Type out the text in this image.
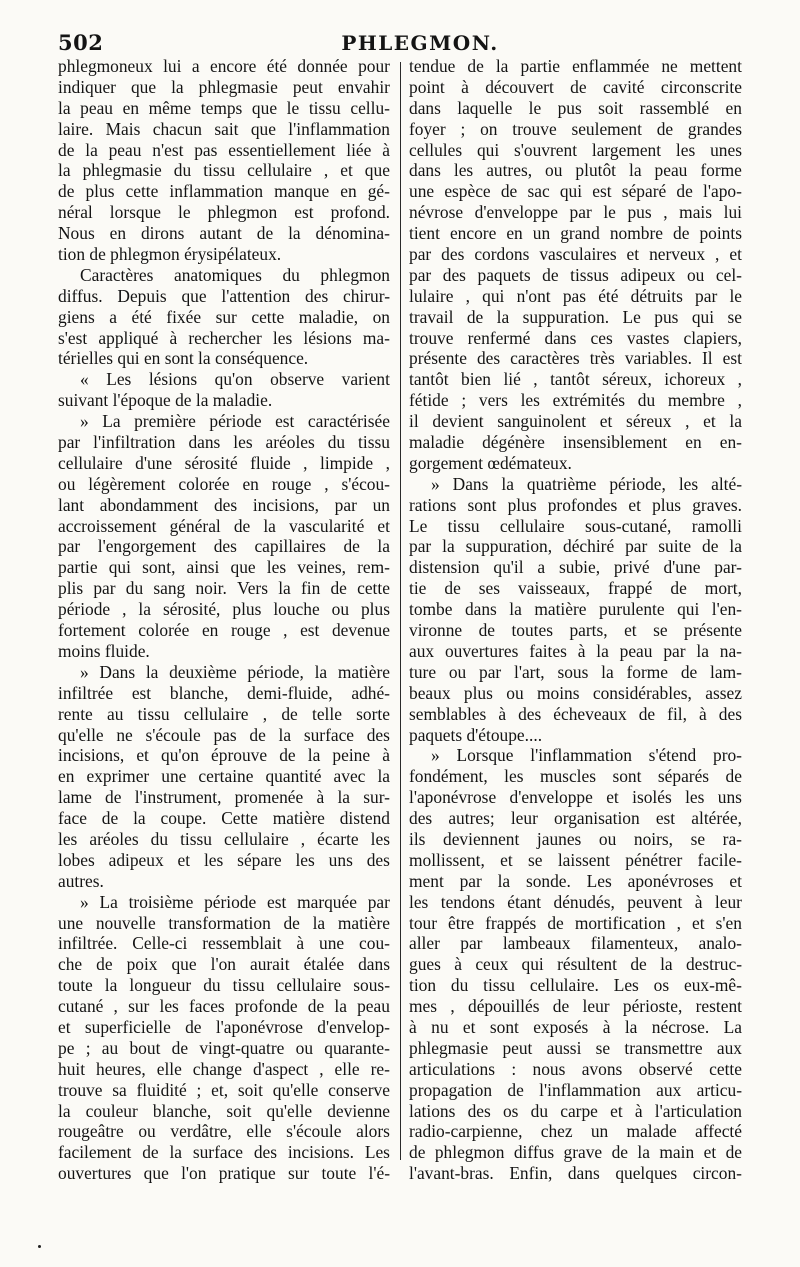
502	PHLEGMON.
phlegmoneux lui a encore été donnée pour
indiquer que la phlegmasie peut envahir
la peau en même temps que le tissu cellu-
laire. Mais chacun sait que l'inflammation
de la peau n'est pas essentiellement liée à
la phlegmasie du tissu cellulaire , et que
de plus cette inflammation manque en gé-
néral lorsque le phlegmon est profond.
Nous en dirons autant de la dénomina-
tion de phlegmon érysipélateux.
Caractères anatomiques du phlegmon
diffus. Depuis que l'attention des chirur-
giens a été fixée sur cette maladie, on
s'est appliqué à rechercher les lésions ma-
térielles qui en sont la conséquence.
« Les lésions qu'on observe varient
suivant l'époque de la maladie.
» La première période est caractérisée
par l'infiltration dans les aréoles du tissu
cellulaire d'une sérosité fluide , limpide ,
ou légèrement colorée en rouge , s'écou-
lant abondamment des incisions, par un
accroissement général de la vascularité et
par l'engorgement des capillaires de la
partie qui sont, ainsi que les veines, rem-
plis par du sang noir. Vers la fin de cette
période , la sérosité, plus louche ou plus
fortement colorée en rouge , est devenue
moins fluide.
» Dans la deuxième période, la matière
infiltrée est blanche, demi-fluide, adhé-
rente au tissu cellulaire , de telle sorte
qu'elle ne s'écoule pas de la surface des
incisions, et qu'on éprouve de la peine à
en exprimer une certaine quantité avec la
lame de l'instrument, promenée à la sur-
face de la coupe. Cette matière distend
les aréoles du tissu cellulaire , écarte les
lobes adipeux et les sépare les uns des
autres.
» La troisième période est marquée par
une nouvelle transformation de la matière
infiltrée. Celle-ci ressemblait à une cou-
che de poix que l'on aurait étalée dans
toute la longueur du tissu cellulaire sous-
cutané , sur les faces profonde de la peau
et superficielle de l'aponévrose d'envelop-
pe ; au bout de vingt-quatre ou quarante-
huit heures, elle change d'aspect , elle re-
trouve sa fluidité ; et, soit qu'elle conserve
la couleur blanche, soit qu'elle devienne
rougeâtre ou verdâtre, elle s'écoule alors
facilement de la surface des incisions. Les
ouvertures que l'on pratique sur toute l'é-
tendue de la partie enflammée ne mettent
point à découvert de cavité circonscrite
dans laquelle le pus soit rassemblé en
foyer ; on trouve seulement de grandes
cellules qui s'ouvrent largement les unes
dans les autres, ou plutôt la peau forme
une espèce de sac qui est séparé de l'apo-
névrose d'enveloppe par le pus , mais lui
tient encore en un grand nombre de points
par des cordons vasculaires et nerveux , et
par des paquets de tissus adipeux ou cel-
lulaire , qui n'ont pas été détruits par le
travail de la suppuration. Le pus qui se
trouve renfermé dans ces vastes clapiers,
présente des caractères très variables. Il est
tantôt bien lié , tantôt séreux, ichoreux ,
fétide ; vers les extrémités du membre ,
il devient sanguinolent et séreux , et la
maladie dégénère insensiblement en en-
gorgement œdémateux.
» Dans la quatrième période, les alté-
rations sont plus profondes et plus graves.
Le tissu cellulaire sous-cutané, ramolli
par la suppuration, déchiré par suite de la
distension qu'il a subie, privé d'une par-
tie de ses vaisseaux, frappé de mort,
tombe dans la matière purulente qui l'en-
vironne de toutes parts, et se présente
aux ouvertures faites à la peau par la na-
ture ou par l'art, sous la forme de lam-
beaux plus ou moins considérables, assez
semblables à des écheveaux de fil, à des
paquets d'étoupe....
» Lorsque l'inflammation s'étend pro-
fondément, les muscles sont séparés de
l'aponévrose d'enveloppe et isolés les uns
des autres; leur organisation est altérée,
ils deviennent jaunes ou noirs, se ra-
mollissent, et se laissent pénétrer facile-
ment par la sonde. Les aponévroses et
les tendons étant dénudés, peuvent à leur
tour être frappés de mortification , et s'en
aller par lambeaux filamenteux, analo-
gues à ceux qui résultent de la destruc-
tion du tissu cellulaire. Les os eux-mê-
mes , dépouillés de leur périoste, restent
à nu et sont exposés à la nécrose. La
phlegmasie peut aussi se transmettre aux
articulations : nous avons observé cette
propagation de l'inflammation aux articu-
lations des os du carpe et à l'articulation
radio-carpienne, chez un malade affecté
de phlegmon diffus grave de la main et de
l'avant-bras. Enfin, dans quelques circon-
